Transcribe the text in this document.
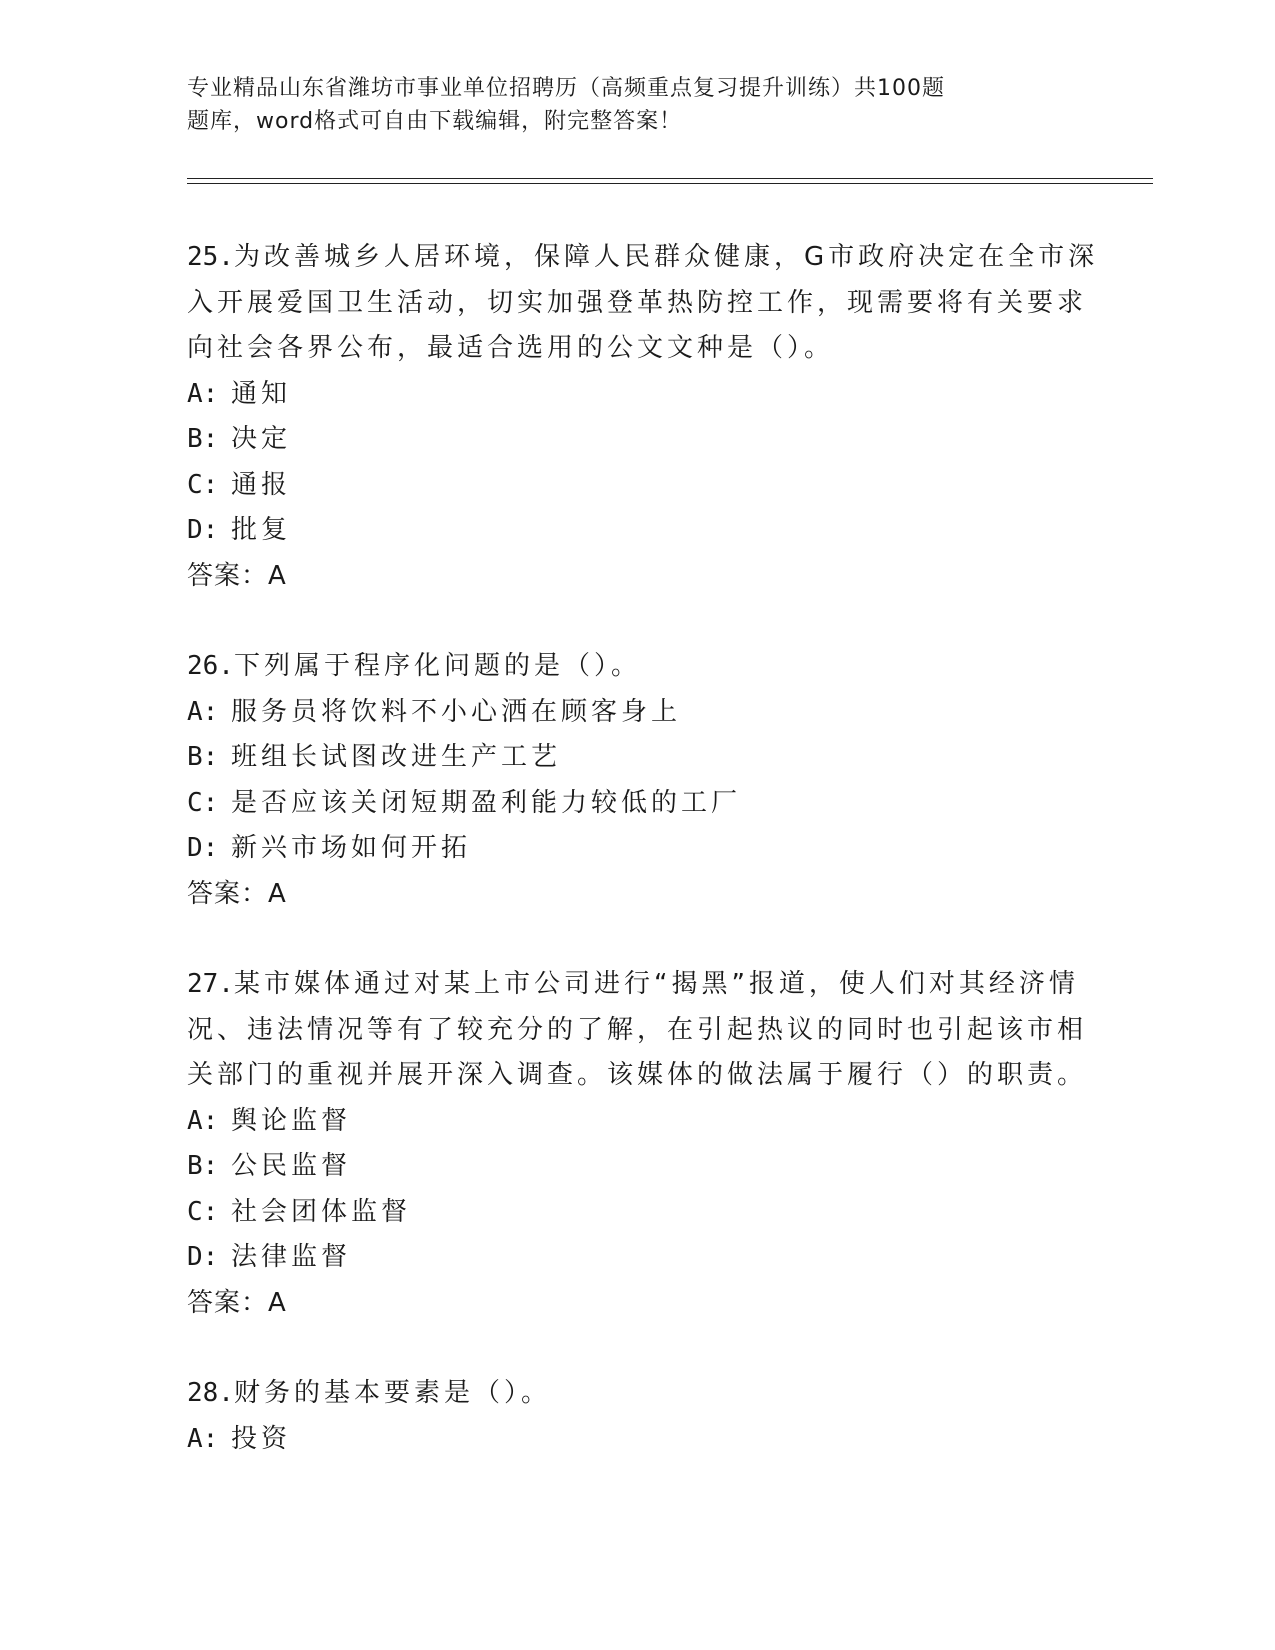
专业精品山东省潍坊市事业单位招聘历（高频重点复习提升训练）共100题
题库，word格式可自由下载编辑，附完整答案！
25.为改善城乡人居环境，保障人民群众健康，G市政府决定在全市深
入开展爱国卫生活动，切实加强登革热防控工作，现需要将有关要求
向社会各界公布，最适合选用的公文文种是（）。
A: 通知
B: 决定
C: 通报
D: 批复
答案：A
26.下列属于程序化问题的是（）。
A: 服务员将饮料不小心洒在顾客身上
B: 班组长试图改进生产工艺
C: 是否应该关闭短期盈利能力较低的工厂
D: 新兴市场如何开拓
答案：A
27.某市媒体通过对某上市公司进行“揭黑”报道，使人们对其经济情
况、违法情况等有了较充分的了解，在引起热议的同时也引起该市相
关部门的重视并展开深入调查。该媒体的做法属于履行（）的职责。
A: 舆论监督
B: 公民监督
C: 社会团体监督
D: 法律监督
答案：A
28.财务的基本要素是（）。
A: 投资
